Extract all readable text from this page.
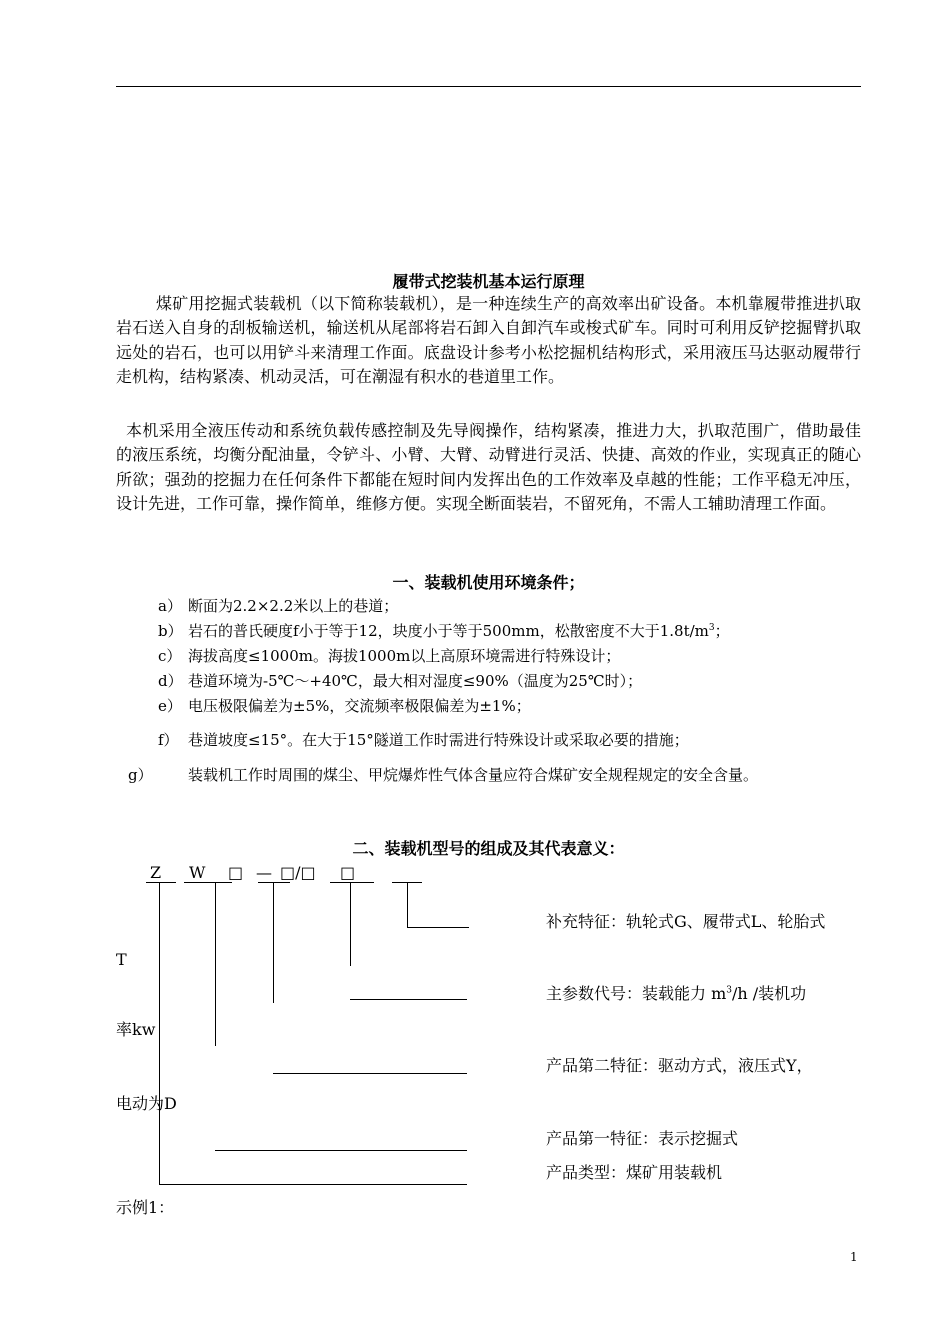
履带式挖装机基本运行原理
煤矿用挖掘式装载机（以下简称装载机），是一种连续生产的高效率出矿设备。本机靠履带推进扒取岩石送入自身的刮板输送机，输送机从尾部将岩石卸入自卸汽车或梭式矿车。同时可利用反铲挖掘臂扒取远处的岩石，也可以用铲斗来清理工作面。底盘设计参考小松挖掘机结构形式，采用液压马达驱动履带行走机构，结构紧凑、机动灵活，可在潮湿有积水的巷道里工作。
本机采用全液压传动和系统负载传感控制及先导阀操作，结构紧凑，推进力大，扒取范围广，借助最佳的液压系统，均衡分配油量，令铲斗、小臂、大臂、动臂进行灵活、快捷、高效的作业，实现真正的随心所欲；强劲的挖掘力在任何条件下都能在短时间内发挥出色的工作效率及卓越的性能；工作平稳无冲压，设计先进，工作可靠，操作简单，维修方便。实现全断面装岩，不留死角，不需人工辅助清理工作面。
一、装载机使用环境条件；
a） 断面为2.2×2.2米以上的巷道；
b） 岩石的普氏硬度f小于等于12，块度小于等于500mm，松散密度不大于$1.8t/m^3$；
c） 海拔高度≤1000m。海拔1000m以上高原环境需进行特殊设计；
d） 巷道环境为-5℃～+40℃，最大相对湿度≤90%（温度为25℃时）；
e） 电压极限偏差为±5%，交流频率极限偏差为±1%；
f） 巷道坡度≤15°。在大于15°隧道工作时需进行特殊设计或采取必要的措施；
g） 装载机工作时周围的煤尘、甲烷爆炸性气体含量应符合煤矿安全规程规定的安全含量。
二、装载机型号的组成及其代表意义：
Z W □ — □/□ □
补充特征：轨轮式G、履带式L、轮胎式
T
主参数代号：装载能力 $m^3/h$ /装机功
率kw
产品第二特征：驱动方式，液压式Y，
电动为D
产品第一特征：表示挖掘式
产品类型：煤矿用装载机
示例1：
1
